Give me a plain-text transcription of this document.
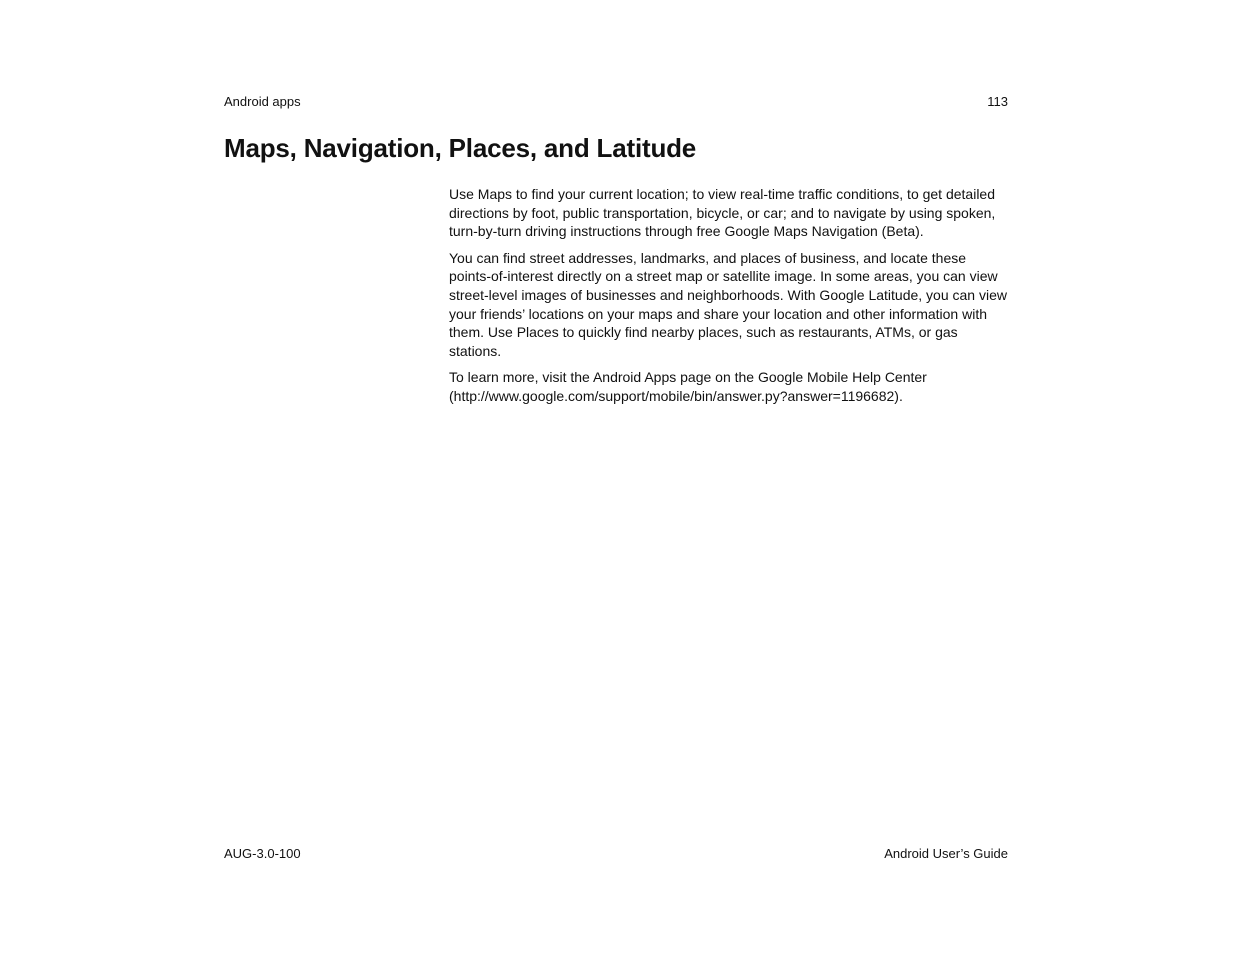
Android apps	113
Maps, Navigation, Places, and Latitude

Use Maps to find your current location; to view real-time traffic conditions, to get detailed directions by foot, public transportation, bicycle, or car; and to navigate by using spoken, turn-by-turn driving instructions through free Google Maps Navigation (Beta).

You can find street addresses, landmarks, and places of business, and locate these points-of-interest directly on a street map or satellite image. In some areas, you can view street-level images of businesses and neighborhoods. With Google Latitude, you can view your friends’ locations on your maps and share your location and other information with them. Use Places to quickly find nearby places, such as restaurants, ATMs, or gas stations.

To learn more, visit the Android Apps page on the Google Mobile Help Center (http://www.google.com/support/mobile/bin/answer.py?answer=1196682).

AUG-3.0-100	Android User’s Guide
